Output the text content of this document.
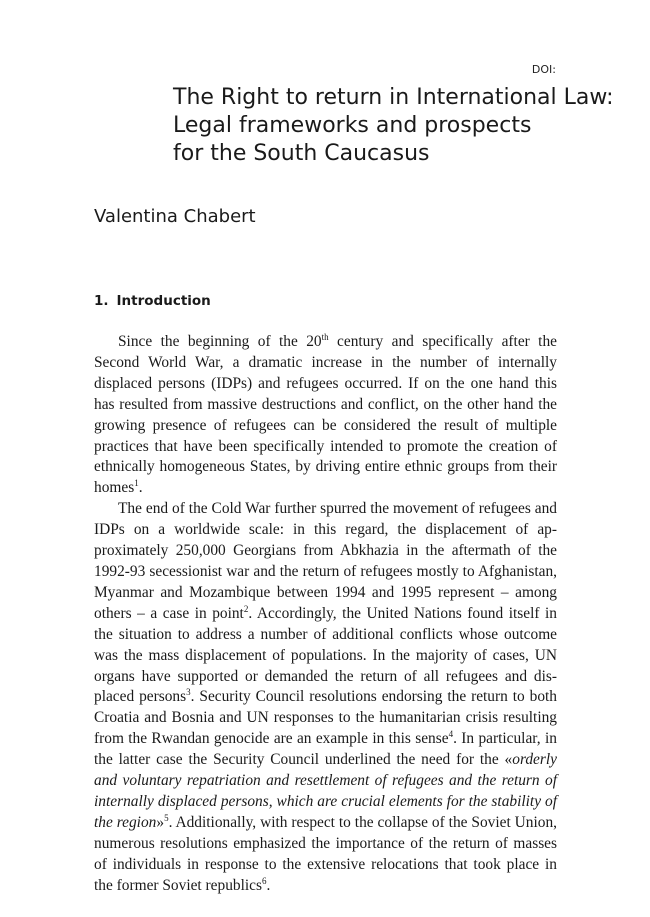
DOI:

The Right to return in International Law:
Legal frameworks and prospects
for the South Caucasus
Valentina Chabert
1. Introduction

Since the beginning of the 20th century and specifically after the Second World War, a dramatic increase in the number of internally displaced persons (IDPs) and refugees occurred. If on the one hand this has resulted from massive destructions and conflict, on the other hand the growing presence of refugees can be considered the result of multiple practices that have been specifically intended to promote the creation of ethnically homogeneous States, by driving entire ethnic groups from their homes$^1$.

The end of the Cold War further spurred the movement of refugees and IDPs on a worldwide scale: in this regard, the displacement of approximately 250,000 Georgians from Abkhazia in the aftermath of the 1992-93 secessionist war and the return of refugees mostly to Afghanistan, Myanmar and Mozambique between 1994 and 1995 represent – among others – a case in point$^2$. Accordingly, the United Nations found itself in the situation to address a number of additional conflicts whose outcome was the mass displacement of populations. In the majority of cases, UN organs have supported or demanded the return of all refugees and displaced persons$^3$. Security Council resolutions endorsing the return to both Croatia and Bosnia and UN responses to the humanitarian crisis resulting from the Rwandan genocide are an example in this sense$^4$. In particular, in the latter case the Security Council underlined the need for the «orderly and voluntary repatriation and resettlement of refugees and the return of internally displaced persons, which are crucial elements for the stability of the region»$^5$. Additionally, with respect to the collapse of the Soviet Union, numerous resolutions emphasized the importance of the return of masses of individuals in response to the extensive relocations that took place in the former Soviet republics$^6$.
